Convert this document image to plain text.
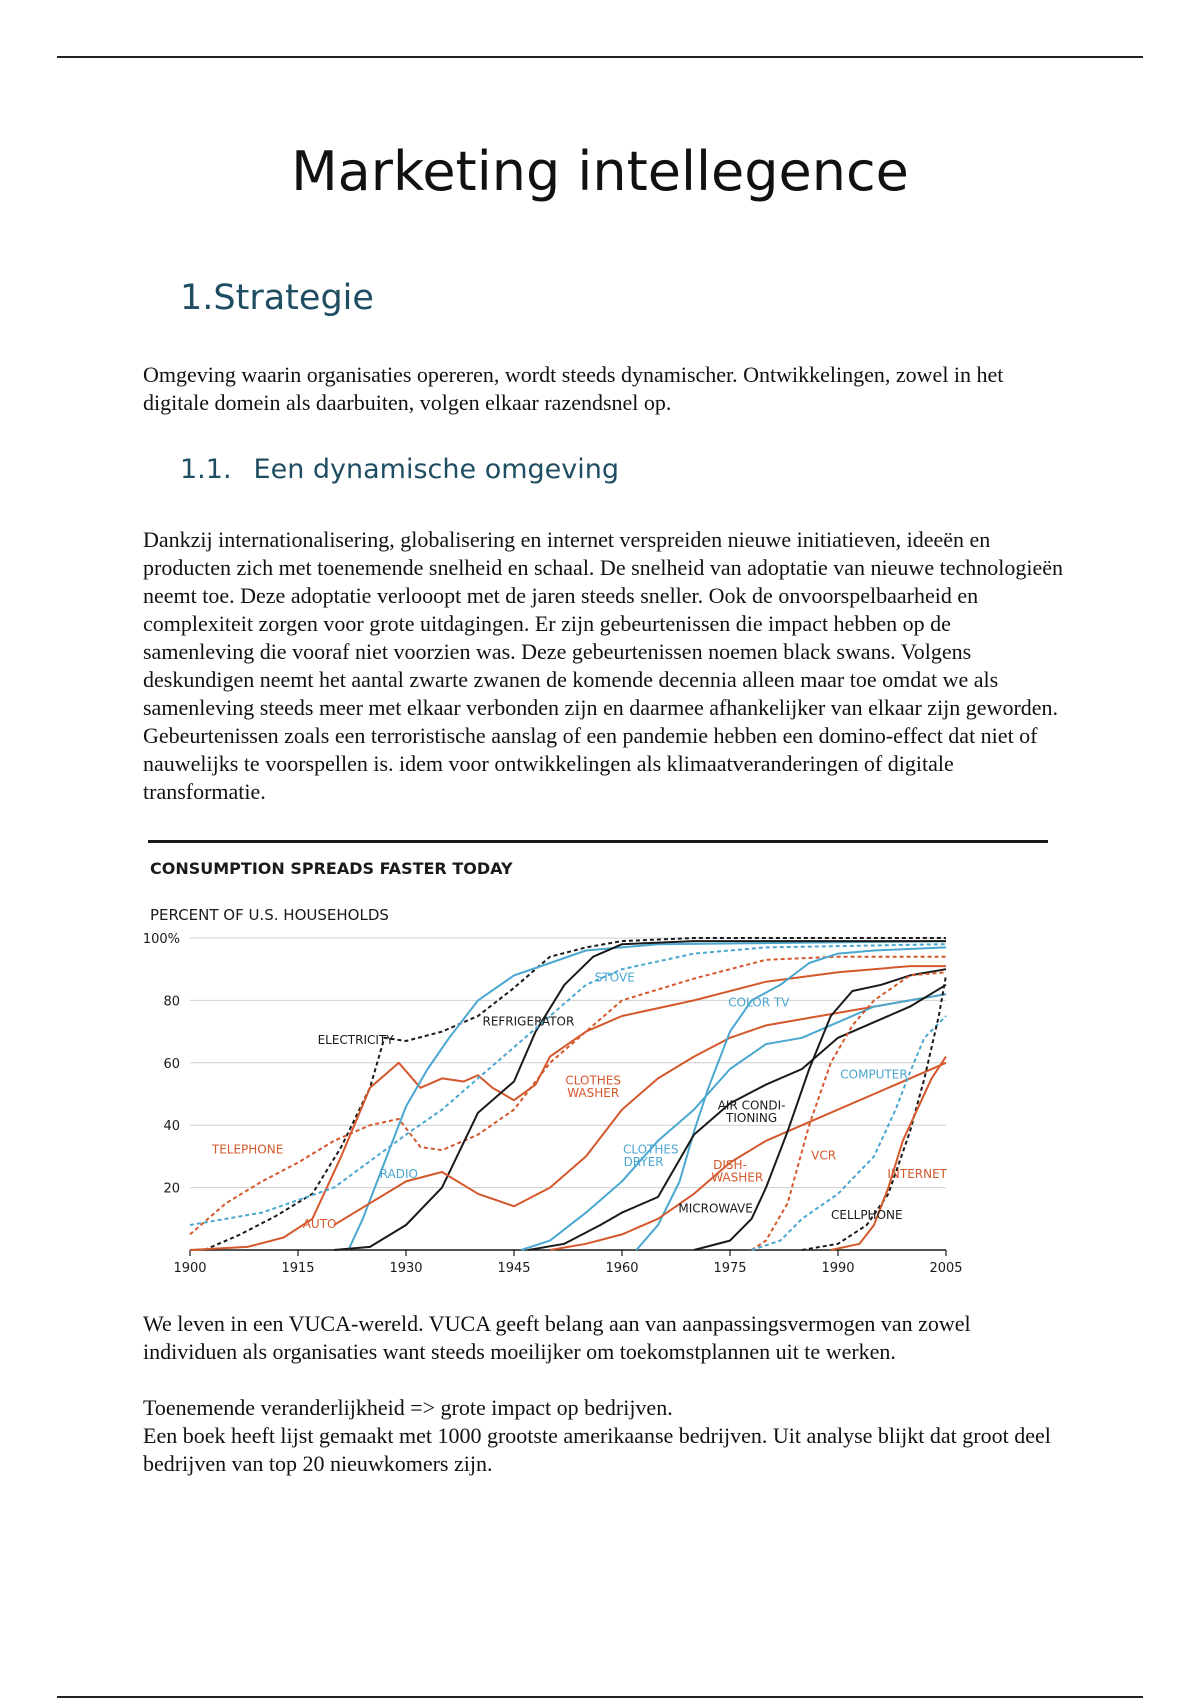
Marketing intellegence
1.Strategie

Omgeving waarin organisaties opereren, wordt steeds dynamischer. Ontwikkelingen, zowel in het digitale domein als daarbuiten, volgen elkaar razendsnel op.

1.1. Een dynamische omgeving

Dankzij internationalisering, globalisering en internet verspreiden nieuwe initiatieven, ideeën en producten zich met toenemende snelheid en schaal. De snelheid van adoptatie van nieuwe technologieën neemt toe. Deze adoptatie verlooopt met de jaren steeds sneller. Ook de onvoorspelbaarheid en complexiteit zorgen voor grote uitdagingen. Er zijn gebeurtenissen die impact hebben op de samenleving die vooraf niet voorzien was. Deze gebeurtenissen noemen black swans. Volgens deskundigen neemt het aantal zwarte zwanen de komende decennia alleen maar toe omdat we als samenleving steeds meer met elkaar verbonden zijn en daarmee afhankelijker van elkaar zijn geworden. Gebeurtenissen zoals een terroristische aanslag of een pandemie hebben een domino-effect dat niet of nauwelijks te voorspellen is. idem voor ontwikkelingen als klimaatveranderingen of digitale transformatie.

CONSUMPTION SPREADS FASTER TODAY
PERCENT OF U.S. HOUSEHOLDS
20
40
60
80
100%
1900	1915	1930	1945	1960	1975	1990	2005
STOVE
REFRIGERATOR
ELECTRICITY
COLOR TV
CLOTHES
WASHER
AIR CONDI-
TIONING
COMPUTER
TELEPHONE
RADIO
CLOTHES
DRYER	DISH-
WASHER
VCR
INTERNET
AUTO
MICROWAVE	CELLPHONE

We leven in een VUCA-wereld. VUCA geeft belang aan van aanpassingsvermogen van zowel individuen als organisaties want steeds moeilijker om toekomstplannen uit te werken.

Toenemende veranderlijkheid => grote impact op bedrijven.

Een boek heeft lijst gemaakt met 1000 grootste amerikaanse bedrijven. Uit analyse blijkt dat groot deel bedrijven van top 20 nieuwkomers zijn.
